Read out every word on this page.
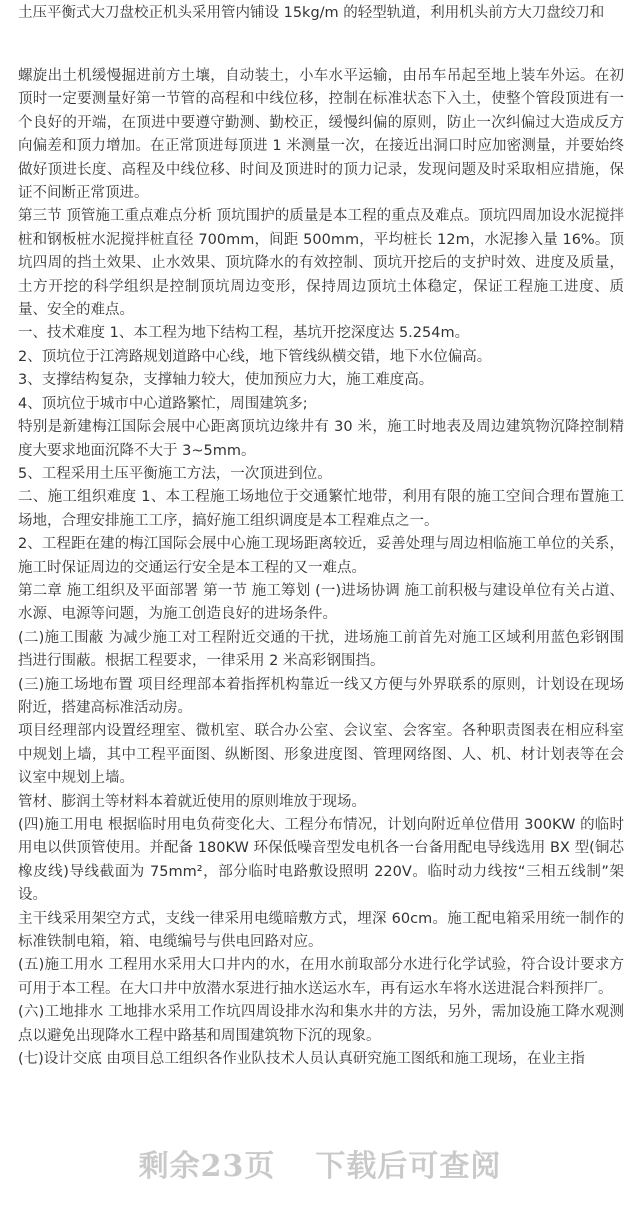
土压平衡式大刀盘校正机头采用管内铺设 15kg/m 的轻型轨道，利用机头前方大刀盘绞刀和

螺旋出土机缓慢掘进前方土壤，自动装土，小车水平运输，由吊车吊起至地上装车外运。在初顶时一定要测量好第一节管的高程和中线位移，控制在标准状态下入土，使整个管段顶进有一个良好的开端，在顶进中要遵守勤测、勤校正，缓慢纠偏的原则，防止一次纠偏过大造成反方向偏差和顶力增加。在正常顶进每顶进 1 米测量一次，在接近出洞口时应加密测量，并要始终做好顶进长度、高程及中线位移、时间及顶进时的顶力记录，发现问题及时采取相应措施，保证不间断正常顶进。

第三节 顶管施工重点难点分析 顶坑围护的质量是本工程的重点及难点。顶坑四周加设水泥搅拌桩和钢板桩水泥搅拌桩直径 700mm，间距 500mm，平均桩长 12m，水泥掺入量 16%。顶坑四周的挡土效果、止水效果、顶坑降水的有效控制、顶坑开挖后的支护时效、进度及质量，土方开挖的科学组织是控制顶坑周边变形，保持周边顶坑土体稳定，保证工程施工进度、质量、安全的难点。

一、技术难度 1、本工程为地下结构工程，基坑开挖深度达 5.254m。

2、顶坑位于江湾路规划道路中心线，地下管线纵横交错，地下水位偏高。

3、支撑结构复杂，支撑轴力较大，使加预应力大，施工难度高。

4、顶坑位于城市中心道路繁忙，周围建筑多;

特别是新建梅江国际会展中心距离顶坑边缘井有 30 米，施工时地表及周边建筑物沉降控制精度大要求地面沉降不大于 3~5mm。

5、工程采用土压平衡施工方法，一次顶进到位。

二、施工组织难度 1、本工程施工场地位于交通繁忙地带，利用有限的施工空间合理布置施工场地，合理安排施工工序，搞好施工组织调度是本工程难点之一。

2、工程距在建的梅江国际会展中心施工现场距离较近，妥善处理与周边相临施工单位的关系，施工时保证周边的交通运行安全是本工程的又一难点。

第二章 施工组织及平面部署 第一节 施工筹划 (一)进场协调 施工前积极与建设单位有关占道、水源、电源等问题，为施工创造良好的进场条件。

(二)施工围蔽 为减少施工对工程附近交通的干扰，进场施工前首先对施工区域利用蓝色彩钢围挡进行围蔽。根据工程要求，一律采用 2 米高彩钢围挡。

(三)施工场地布置 项目经理部本着指挥机构靠近一线又方便与外界联系的原则，计划设在现场附近，搭建高标准活动房。

项目经理部内设置经理室、微机室、联合办公室、会议室、会客室。各种职责图表在相应科室中规划上墙，其中工程平面图、纵断图、形象进度图、管理网络图、人、机、材计划表等在会议室中规划上墙。

管材、膨润土等材料本着就近使用的原则堆放于现场。

(四)施工用电 根据临时用电负荷变化大、工程分布情况，计划向附近单位借用 300KW 的临时用电以供顶管使用。并配备 180KW 环保低噪音型发电机各一台备用配电导线选用 BX 型(铜芯橡皮线)导线截面为 75mm²，部分临时电路敷设照明 220V。临时动力线按“三相五线制”架设。

主干线采用架空方式，支线一律采用电缆暗敷方式，埋深 60cm。施工配电箱采用统一制作的标准铁制电箱，箱、电缆编号与供电回路对应。

(五)施工用水 工程用水采用大口井内的水，在用水前取部分水进行化学试验，符合设计要求方可用于本工程。在大口井中放潜水泵进行抽水送运水车，再有运水车将水送进混合料预拌厂。

(六)工地排水 工地排水采用工作坑四周设排水沟和集水井的方法，另外，需加设施工降水观测点以避免出现降水工程中路基和周围建筑物下沉的现象。

(七)设计交底 由项目总工组织各作业队技术人员认真研究施工图纸和施工现场，在业主指

剩余23页 下载后可查阅
